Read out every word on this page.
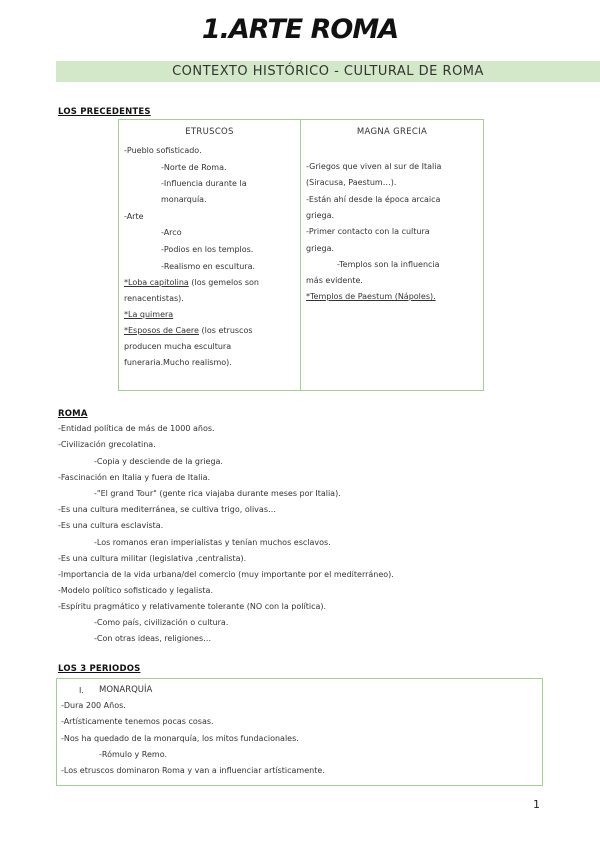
1.ARTE ROMA
CONTEXTO HISTÓRICO - CULTURAL DE ROMA
LOS PRECEDENTES
ETRUSCOS
-Pueblo sofisticado.
-Norte de Roma.
-Influencia durante la
monarquía.
-Arte
-Arco
-Podios en los templos.
-Realismo en escultura.
*Loba capitolina (los gemelos son
renacentistas).
*La quimera
*Esposos de Caere (los etruscos
producen mucha escultura
funeraria.Mucho realismo).
MAGNA GRECIA
-Griegos que viven al sur de Italia
(Siracusa, Paestum…).
-Están ahí desde la época arcaica
griega.
-Primer contacto con la cultura
griega.
-Templos son la influencia
más evidente.
*Templos de Paestum (Nápoles).
ROMA
-Entidad política de más de 1000 años.
-Civilización grecolatina.
-Copia y desciende de la griega.
-Fascinación en Italia y fuera de Italia.
-"El grand Tour" (gente rica viajaba durante meses por Italia).
-Es una cultura mediterránea, se cultiva trigo, olivas…
-Es una cultura esclavista.
-Los romanos eran imperialistas y tenían muchos esclavos.
-Es una cultura militar (legislativa ,centralista).
-Importancia de la vida urbana/del comercio (muy importante por el mediterráneo).
-Modelo político sofisticado y legalista.
-Espíritu pragmático y relativamente tolerante (NO con la política).
-Como país, civilización o cultura.
-Con otras ideas, religiones…
LOS 3 PERIODOS
I. MONARQUÍA
-Dura 200 Años.
-Artísticamente tenemos pocas cosas.
-Nos ha quedado de la monarquía, los mitos fundacionales.
-Rómulo y Remo.
-Los etruscos dominaron Roma y van a influenciar artísticamente.
1
